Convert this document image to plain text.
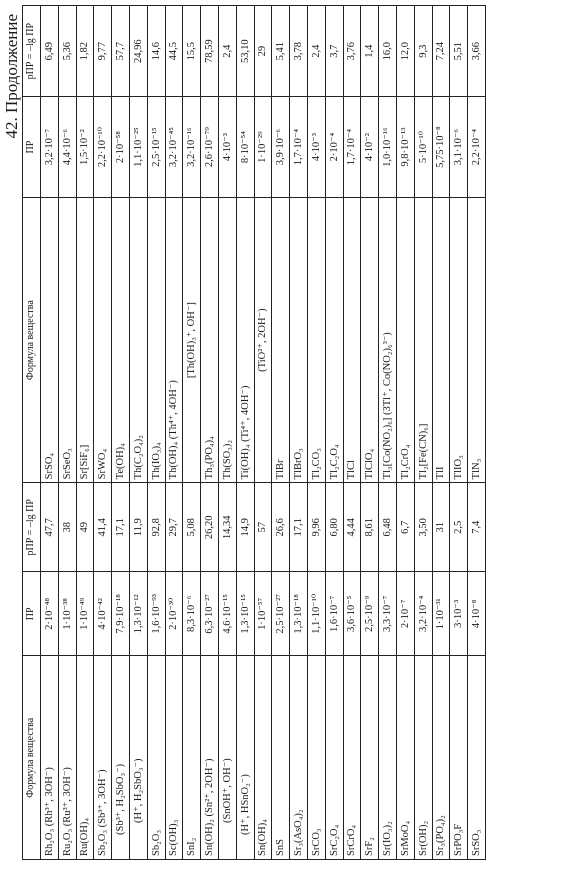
42. Продолжение
Формула вещества	ПР	pПР = –lg ПР	Формула вещества	ПР	pПР = –lg ПР
Rh₂O₃ (Rh³⁺, 3OH⁻)	2·10⁻⁴⁸	47,7	SrSO₄	3,2·10⁻⁷	6,49
Ru₂O₃ (Ru³⁺, 3OH⁻)	1·10⁻³⁸	38	SrSeO₃	4,4·10⁻⁶	5,36
Ru(OH)₄	1·10⁻⁴⁹	49	Sr[SiF₆]	1,5·10⁻²	1,82
Sb₂O₃ (Sb³⁺, 3OH⁻)	4·10⁻⁴²	41,4	SrWO₄	2,2·10⁻¹⁰	9,77
(Sb³⁺, H₂SbO₃⁻)	7,9·10⁻¹⁸	17,1	Te(OH)₄	2·10⁻⁵⁸	57,7
(H⁺, H₂SbO₃⁻)	1,3·10⁻¹²	11,9	Th(C₂O₄)₂	1,1·10⁻²⁵	24,96
Sb₂O₃	1,6·10⁻⁹³	92,8	Th(IO₃)₄	2,5·10⁻¹⁵	14,6
Sc(OH)₃	2·10⁻³⁰	29,7	Th(OH)₄ (Th⁴⁺, 4OH⁻)	3,2·10⁻⁴⁵	44,5
SnI₂	8,3·10⁻⁶	5,08	[Th(OH)₃⁺, OH⁻]	3,2·10⁻¹⁶	15,5
Sn(OH)₂ (Sn²⁺, 2OH⁻)	6,3·10⁻²⁷	26,20	Th₃(PO₄)₄	2,6·10⁻⁷⁹	78,59
(SnOH⁺, OH⁻)	4,6·10⁻¹⁵	14,34	Th(SO₃)₂	4·10⁻³	2,4
(H⁺, HSnO₂⁻)	1,3·10⁻¹⁵	14,9	Ti(OH)₄ (Ti⁴⁺, 4OH⁻)	8·10⁻⁵⁴	53,10
Sn(OH)₄	1·10⁻⁵⁷	57	(TiO²⁺, 2OH⁻)	1·10⁻²⁹	29
SnS	2,5·10⁻²⁷	26,6	TlBr	3,9·10⁻⁶	5,41
Sr₃(AsO₄)₂	1,3·10⁻¹⁸	17,1	TlBrO₃	1,7·10⁻⁴	3,78
SrCO₃	1,1·10⁻¹⁰	9,96	Tl₂CO₃	4·10⁻³	2,4
SrC₂O₄	1,6·10⁻⁷	6,80	Tl₂C₂O₄	2·10⁻⁴	3,7
SrCrO₄	3,6·10⁻⁵	4,44	TlCl	1,7·10⁻⁴	3,76
SrF₂	2,5·10⁻⁹	8,61	TlClO₄	4·10⁻²	1,4
Sr(IO₃)₂	3,3·10⁻⁷	6,48	Tl₃[Co(NO₂)₆] (3Tl⁺, Co(NO₂)₆³⁻)	1,0·10⁻¹⁶	16,0
SrMoO₄	2·10⁻⁷	6,7	Tl₂CrO₄	9,8·10⁻¹³	12,0
Sr(OH)₂	3,2·10⁻⁴	3,50	Tl₂[Fe(CN)₆]	5·10⁻¹⁰	9,3
Sr₃(PO₄)₂	1·10⁻³¹	31	TlI	5,75·10⁻⁸	7,24
SrPO₃F	3·10⁻³	2,5	TlIO₃	3,1·10⁻⁶	5,51
SrSO₃	4·10⁻⁸	7,4	TlN₃	2,2·10⁻⁴	3,66
